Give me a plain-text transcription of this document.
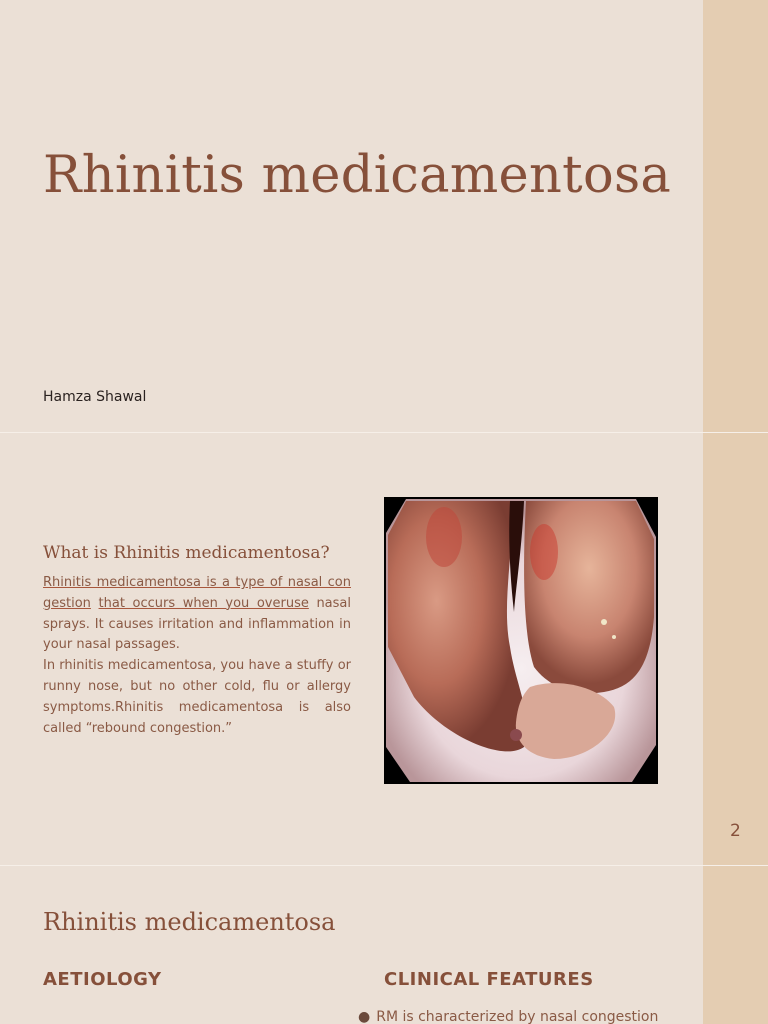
Rhinitis medicamentosa
Hamza Shawal
What is Rhinitis medicamentosa?

Rhinitis medicamentosa is a type of nasal con gestion that occurs when you overuse nasal sprays. It causes irritation and inflammation in your nasal passages.

In rhinitis medicamentosa, you have a stuffy or runny nose, but no other cold, flu or allergy symptoms.Rhinitis medicamentosa is also called “rebound congestion.”

2
Rhinitis medicamentosa
AETIOLOGY	CLINICAL FEATURES
● RM is characterized by nasal congestion
